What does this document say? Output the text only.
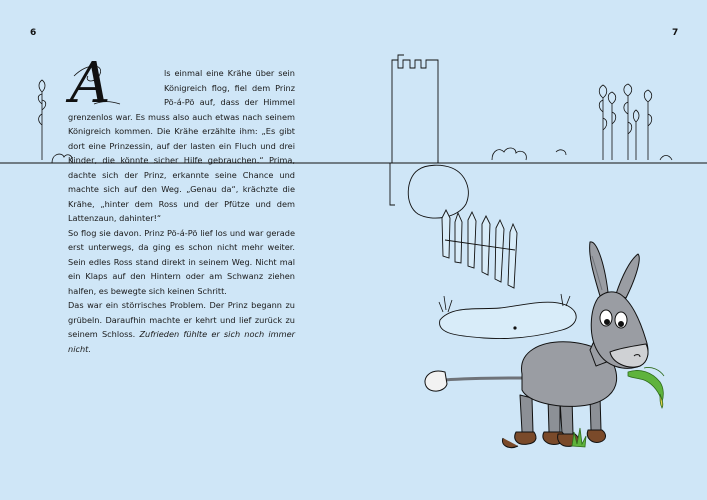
6	7
A	ls einmal eine Krähe über sein Königreich flog, fiel dem Prinz Pö-á-Pö auf, dass der Himmel grenzenlos war. Es muss also auch etwas nach seinem Königreich kommen. Die Krähe erzählte ihm: „Es gibt dort eine Prinzessin, auf der lasten ein Fluch und drei Kinder, die könnte sicher Hilfe gebrauchen.“ Prima, dachte sich der Prinz, erkannte seine Chance und machte sich auf den Weg. „Genau da“, krächzte die Krähe, „hinter dem Ross und der Pfütze und dem Lattenzaun, dahinter!“

So flog sie davon. Prinz Pö-á-Pö lief los und war gerade erst unterwegs, da ging es schon nicht mehr weiter. Sein edles Ross stand direkt in seinem Weg. Nicht mal ein Klaps auf den Hintern oder am Schwanz ziehen halfen, es bewegte sich keinen Schritt.

Das war ein störrisches Problem. Der Prinz begann zu grübeln. Daraufhin machte er kehrt und lief zurück zu seinem Schloss. Zufrieden fühlte er sich noch immer nicht.
